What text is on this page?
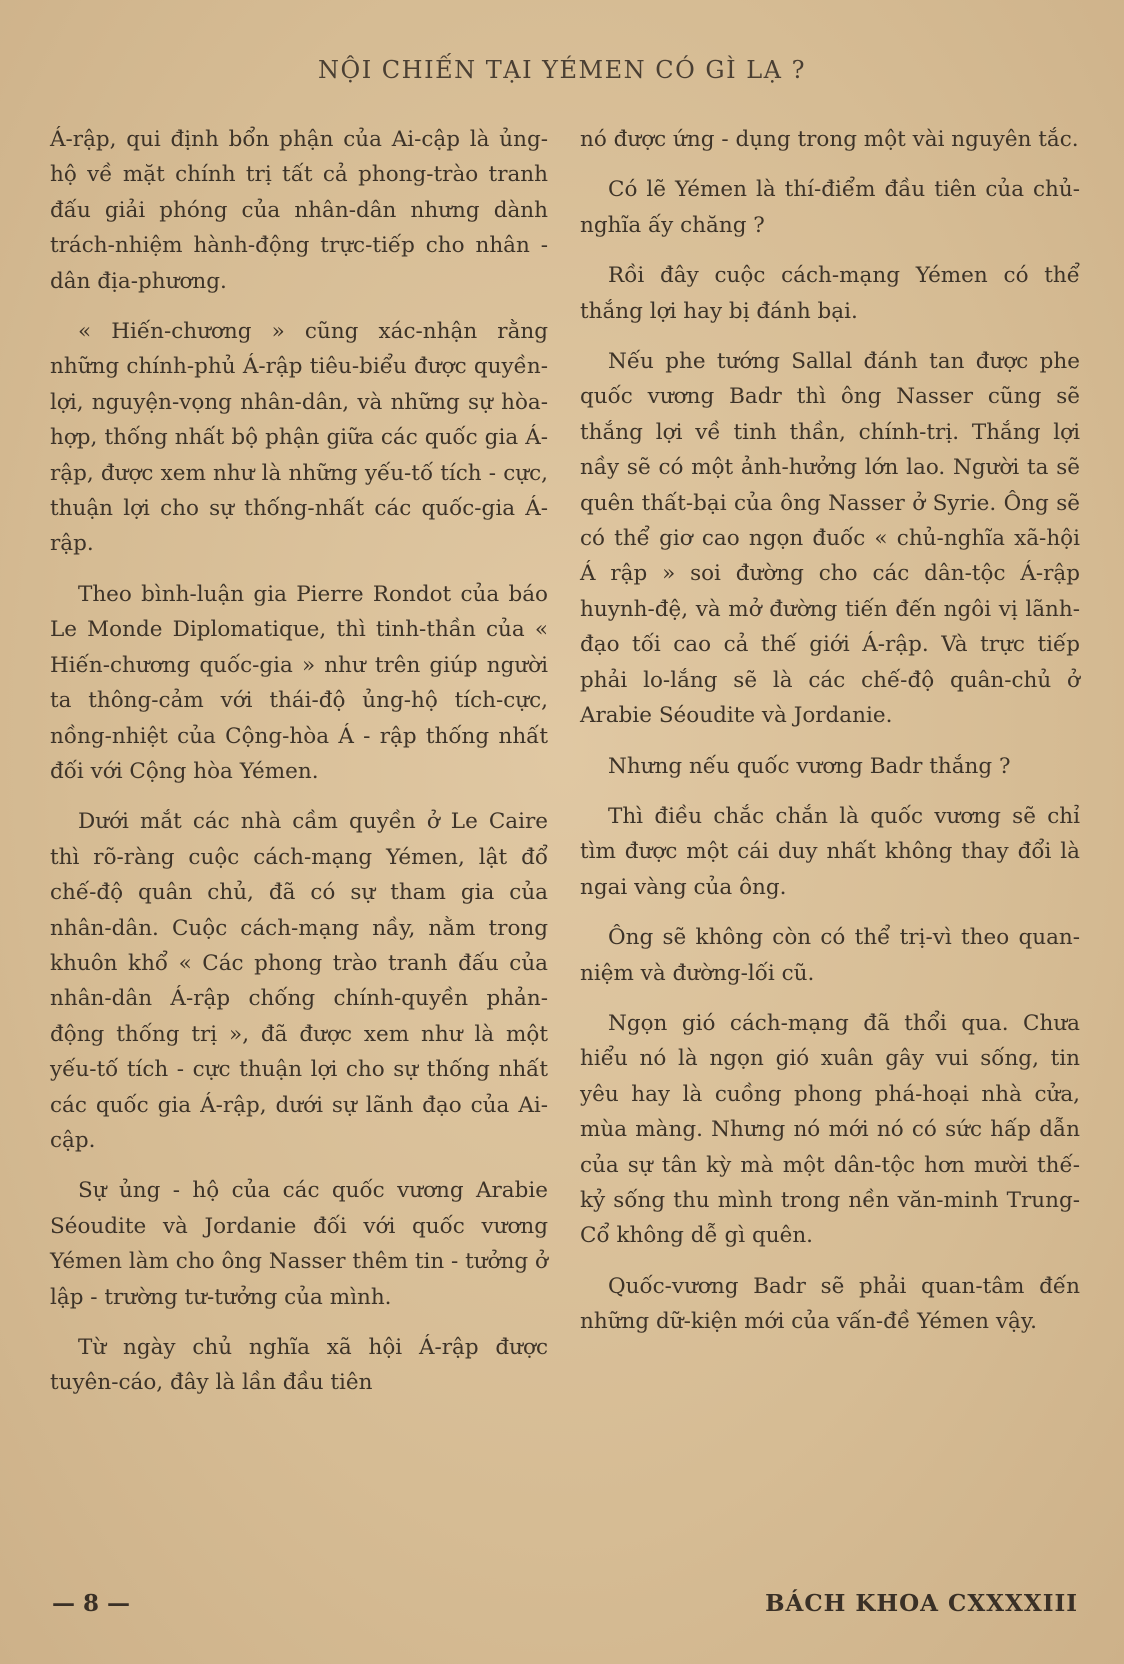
NỘI CHIẾN TẠI YÉMEN CÓ GÌ LẠ ?

Á-rập, qui định bổn phận của Ai-cập là ủng-hộ về mặt chính trị tất cả phong-trào tranh đấu giải phóng của nhân-dân nhưng dành trách-nhiệm hành-động trực-tiếp cho nhân - dân địa-phương.

« Hiến-chương » cũng xác-nhận rằng những chính-phủ Á-rập tiêu-biểu được quyền-lợi, nguyện-vọng nhân-dân, và những sự hòa-hợp, thống nhất bộ phận giữa các quốc gia Á-rập, được xem như là những yếu-tố tích - cực, thuận lợi cho sự thống-nhất các quốc-gia Á-rập.

Theo bình-luận gia Pierre Rondot của báo Le Monde Diplomatique, thì tinh-thần của « Hiến-chương quốc-gia » như trên giúp người ta thông-cảm với thái-độ ủng-hộ tích-cực, nồng-nhiệt của Cộng-hòa Á - rập thống nhất đối với Cộng hòa Yémen.

Dưới mắt các nhà cầm quyền ở Le Caire thì rõ-ràng cuộc cách-mạng Yémen, lật đổ chế-độ quân chủ, đã có sự tham gia của nhân-dân. Cuộc cách-mạng nầy, nằm trong khuôn khổ « Các phong trào tranh đấu của nhân-dân Á-rập chống chính-quyền phản-động thống trị », đã được xem như là một yếu-tố tích - cực thuận lợi cho sự thống nhất các quốc gia Á-rập, dưới sự lãnh đạo của Ai-cập.

Sự ủng - hộ của các quốc vương Arabie Séoudite và Jordanie đối với quốc vương Yémen làm cho ông Nasser thêm tin - tưởng ở lập - trường tư-tưởng của mình.

Từ ngày chủ nghĩa xã hội Á-rập được tuyên-cáo, đây là lần đầu tiên

nó được ứng - dụng trong một vài nguyên tắc.

Có lẽ Yémen là thí-điểm đầu tiên của chủ-nghĩa ấy chăng ?

Rồi đây cuộc cách-mạng Yémen có thể thắng lợi hay bị đánh bại.

Nếu phe tướng Sallal đánh tan được phe quốc vương Badr thì ông Nasser cũng sẽ thắng lợi về tinh thần, chính-trị. Thắng lợi nầy sẽ có một ảnh-hưởng lớn lao. Người ta sẽ quên thất-bại của ông Nasser ở Syrie. Ông sẽ có thể giơ cao ngọn đuốc « chủ-nghĩa xã-hội Á rập » soi đường cho các dân-tộc Á-rập huynh-đệ, và mở đường tiến đến ngôi vị lãnh-đạo tối cao cả thế giới Á-rập. Và trực tiếp phải lo-lắng sẽ là các chế-độ quân-chủ ở Arabie Séoudite và Jordanie.

Nhưng nếu quốc vương Badr thắng ?

Thì điều chắc chắn là quốc vương sẽ chỉ tìm được một cái duy nhất không thay đổi là ngai vàng của ông.

Ông sẽ không còn có thể trị-vì theo quan-niệm và đường-lối cũ.

Ngọn gió cách-mạng đã thổi qua. Chưa hiểu nó là ngọn gió xuân gây vui sống, tin yêu hay là cuồng phong phá-hoại nhà cửa, mùa màng. Nhưng nó mới nó có sức hấp dẫn của sự tân kỳ mà một dân-tộc hơn mười thế-kỷ sống thu mình trong nền văn-minh Trung-Cổ không dễ gì quên.

Quốc-vương Badr sẽ phải quan-tâm đến những dữ-kiện mới của vấn-đề Yémen vậy.

— 8 —	BÁCH KHOA CXXXXIII
